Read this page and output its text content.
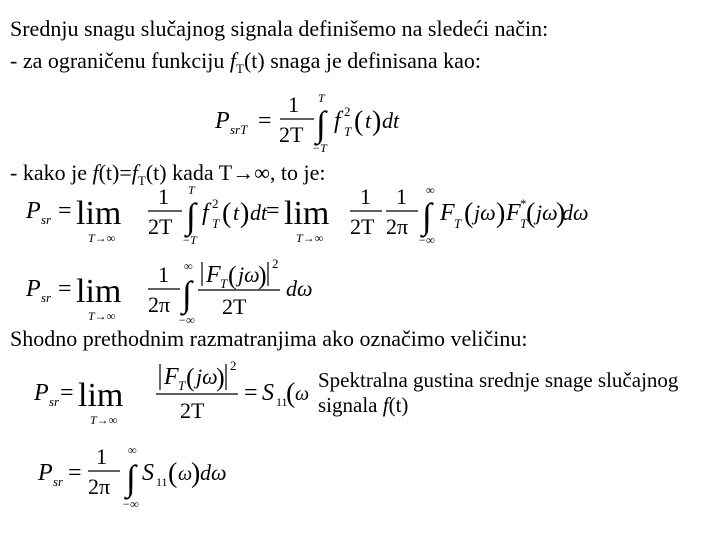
Srednju snagu slučajnog signala definišemo na sledeći način:
- za ograničenu funkciju $f_T(t)$ snaga je definisana kao:
- kako je $f(t)=f_T(t)$ kada T→∞, to je:
Shodno prethodnim razmatranjima ako označimo veličinu:
Spektralna gustina srednje snage slučajnog
signala f(t)
P srT =
1
2T
T
∫
−T
f 2
T ( t ) dt
P sr = lim
T→∞
1
2T
T
∫
−T
f 2
T ( t ) dt
= lim
T→∞
1
2T
1
2π
∞
∫
−∞
F T ( jω ) F *
T
( jω
)
dω
P sr = lim
T→∞
1
2π
∞
∫
−∞
F T ( jω
) 2
2T
dω
P sr = lim
T→∞
F T ( jω
) 2
2T
= S 11
( ω
P sr =
1
2π
∞
∫
−∞
S 11 ( ω
) dω
